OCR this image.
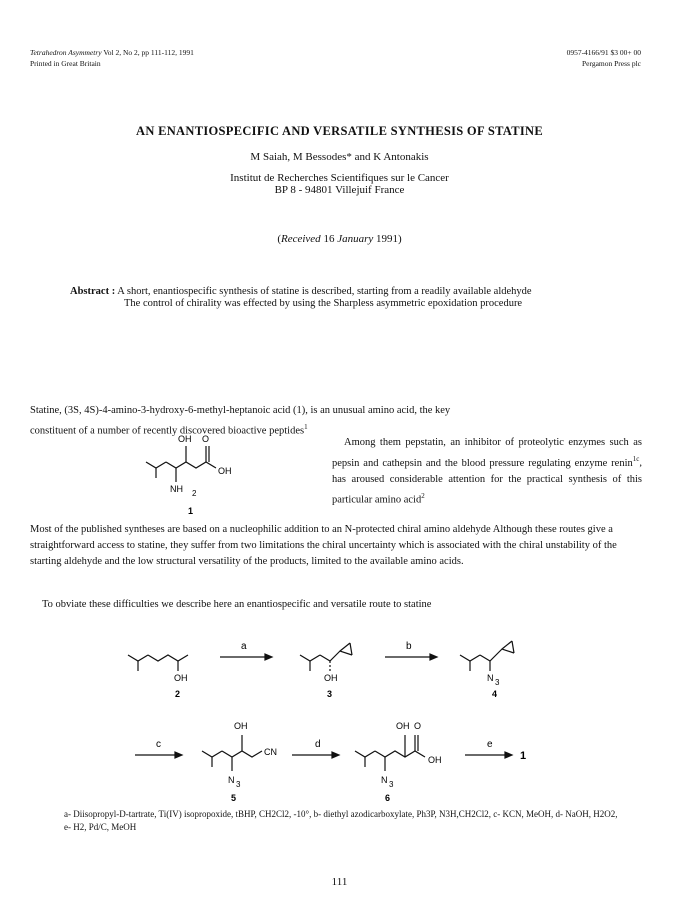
Tetrahedron Asymmetry Vol 2, No 2, pp 111-112, 1991
Printed in Great Britain
0957-4166/91 $3 00+ 00
Pergamon Press plc
AN ENANTIOSPECIFIC AND VERSATILE SYNTHESIS OF STATINE
M Saiah, M Bessodes* and K Antonakis
Institut de Recherches Scientifiques sur le Cancer
BP 8 - 94801 Villejuif France
(Received 16 January 1991)
Abstract : A short, enantiospecific synthesis of statine is described, starting from a readily available aldehyde
The control of chirality was effected by using the Sharpless asymmetric epoxidation procedure
Statine, (3S, 4S)-4-amino-3-hydroxy-6-methyl-heptanoic acid (1), is an unusual amino acid, the key
constituent of a number of recently discovered bioactive peptides$^1$
Among them pepstatin, an inhibitor of proteolytic enzymes such as pepsin and cathepsin and the blood pressure regulating enzyme renin$^{1c}$, has aroused considerable attention for the practical synthesis of this particular amino acid$^2$
Most of the published syntheses are based on a nucleophilic addition to an N-protected chiral amino aldehyde Although these routes give a straightforward access to statine, they suffer from two limitations the chiral uncertainty which is associated with the chiral unstability of the starting aldehyde and the low structural versatility of the products, limited to the available amino acids.
To obviate these difficulties we describe here an enantiospecific and versatile route to statine
OH O
OH
NH 2
1
OH
2
a
OH
3
b
N 3
4
c
OH
CN
N 3
5
d
OH O
OH
N 3
6
e
1
a- Diisopropyl-D-tartrate, Ti(IV) isopropoxide, tBHP, CH2Cl2, -10°, b- diethyl azodicarboxylate, Ph3P, N3H,CH2Cl2, c- KCN, MeOH, d- NaOH, H2O2, e- H2, Pd/C, MeOH
111
